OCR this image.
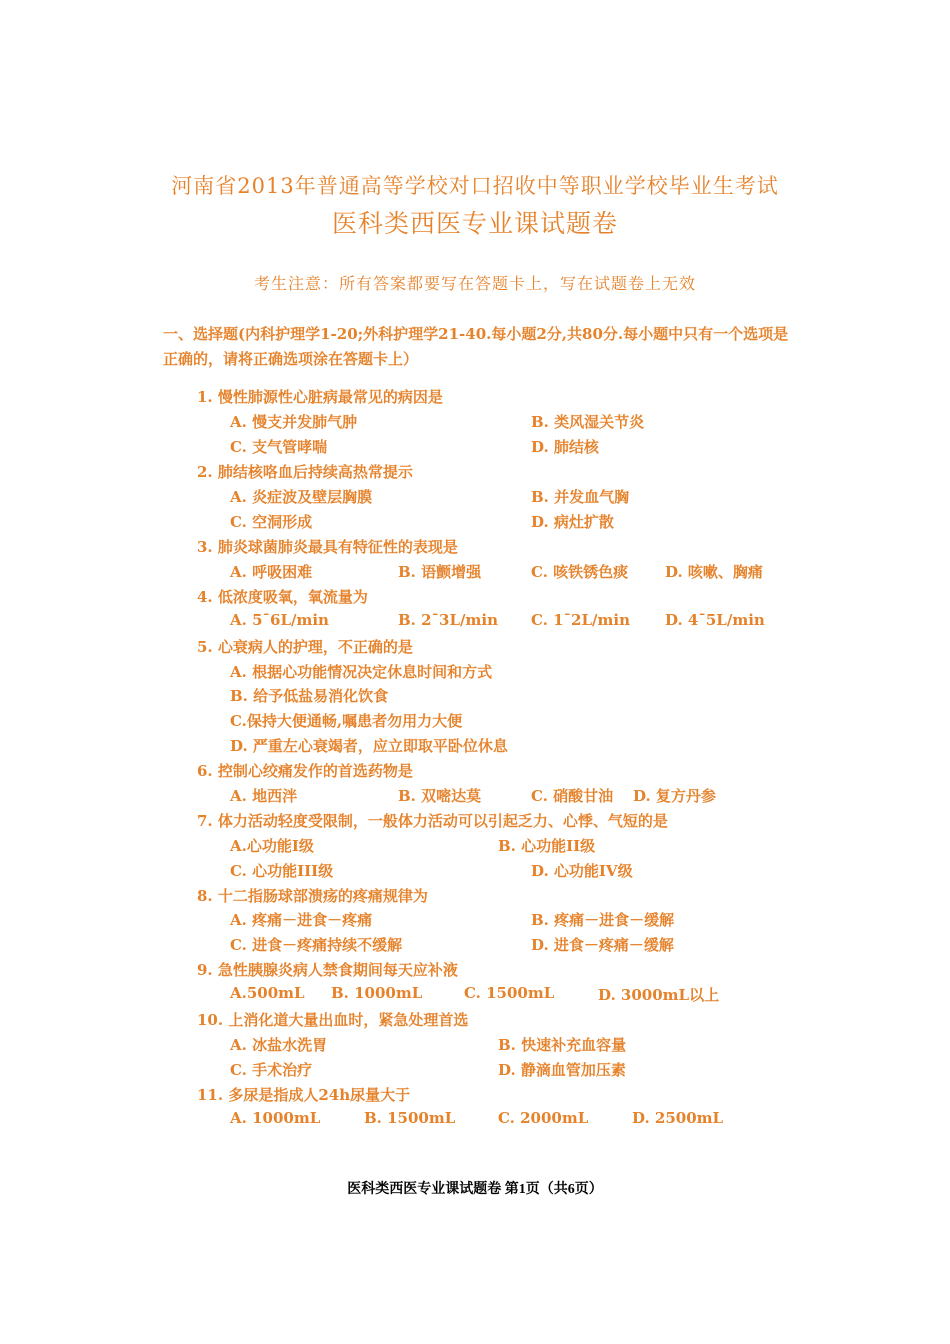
河南省2013年普通高等学校对口招收中等职业学校毕业生考试
医科类西医专业课试题卷
考生注意：所有答案都要写在答题卡上，写在试题卷上无效
一、选择题(内科护理学1-20;外科护理学21-40.每小题2分,共80分.每小题中只有一个选项是正确的，请将正确选项涂在答题卡上）
1. 慢性肺源性心脏病最常见的病因是
A. 慢支并发肺气肿	B. 类风湿关节炎
C. 支气管哮喘	D. 肺结核
2. 肺结核咯血后持续高热常提示
A. 炎症波及壁层胸膜	B. 并发血气胸
C. 空洞形成	D. 病灶扩散
3. 肺炎球菌肺炎最具有特征性的表现是
A. 呼吸困难	B. 语颤增强	C. 咳铁锈色痰 D. 咳嗽、胸痛
4. 低浓度吸氧，氧流量为
A. 5¯6L/min	B. 2¯3L/min C. 1¯2L/min D. 4¯5L/min
5. 心衰病人的护理，不正确的是
A. 根据心功能情况决定休息时间和方式
B. 给予低盐易消化饮食
C.保持大便通畅,嘱患者勿用力大便
D. 严重左心衰竭者，应立即取平卧位休息
6. 控制心绞痛发作的首选药物是
A. 地西泮	B. 双嘧达莫	C. 硝酸甘油 D. 复方丹参
7. 体力活动轻度受限制，一般体力活动可以引起乏力、心悸、气短的是
A.心功能I级	B. 心功能II级
C. 心功能III级	D. 心功能IV级
8. 十二指肠球部溃疡的疼痛规律为
A. 疼痛－进食－疼痛	B. 疼痛－进食－缓解
C. 进食－疼痛持续不缓解	D. 进食－疼痛－缓解
9. 急性胰腺炎病人禁食期间每天应补液
A.500mL B. 1000mL	C. 1500mL	D. 3000mL以上
10. 上消化道大量出血时，紧急处理首选
A. 冰盐水洗胃	B. 快速补充血容量
C. 手术治疗	D. 静滴血管加压素
11. 多尿是指成人24h尿量大于
A. 1000mL	B. 1500mL	C. 2000mL	D. 2500mL
医科类西医专业课试题卷 第1页（共6页）
